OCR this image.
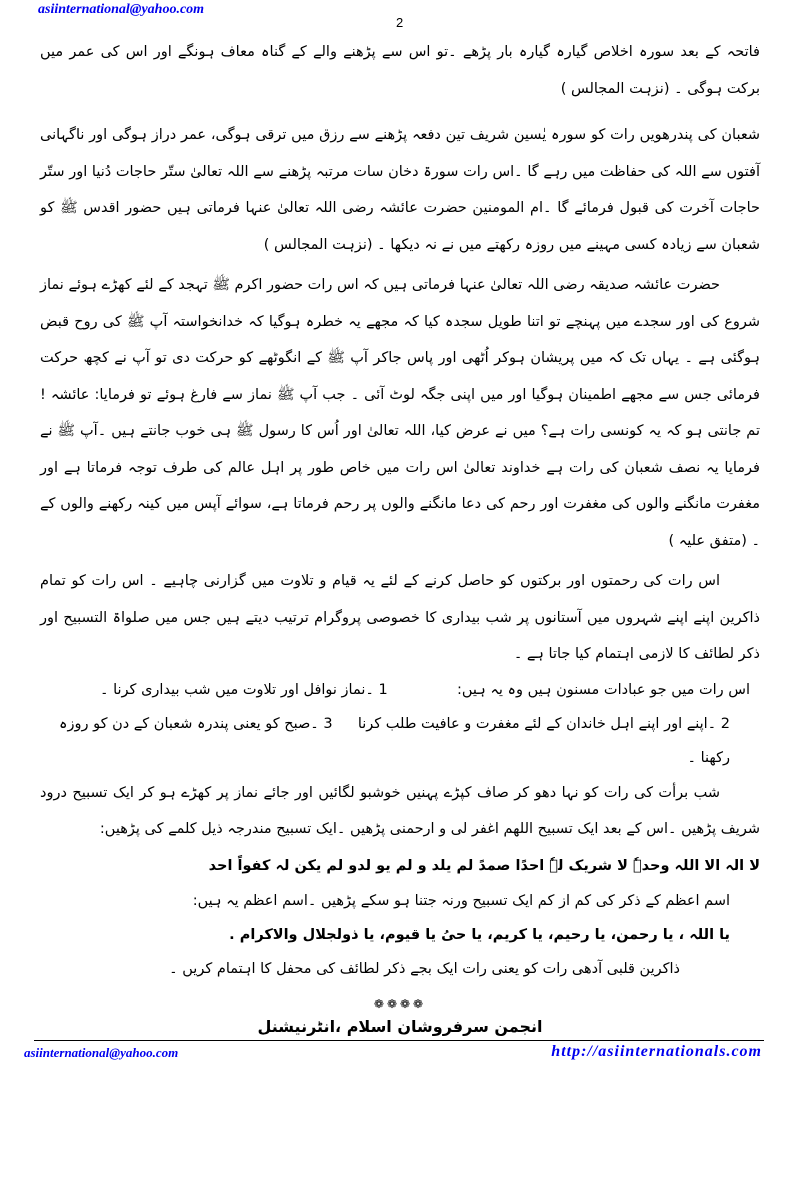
asiinternational@yahoo.com
2
فاتحہ کے بعد سورہ اخلاص گیارہ گیارہ بار پڑھے ۔تو اس سے پڑھنے والے کے گناہ معاف ہونگے اور اس کی عمر میں برکت ہوگی ۔ (نزہت المجالس )
شعبان کی پندرھویں رات کو سورہ یٰسین شریف تین دفعہ پڑھنے سے رزق میں ترقی ہوگی، عمر دراز ہوگی اور ناگہانی آفتوں سے اللہ کی حفاظت میں رہے گا ۔اس رات سورۃ دخان سات مرتبہ پڑھنے سے اللہ تعالیٰ ستّر حاجات دُنیا اور ستّر حاجات آخرت کی قبول فرمائے گا ۔ام المومنین حضرت عائشہ رضی اللہ تعالیٰ عنہا فرماتی ہیں حضور اقدس ﷺ کو شعبان سے زیادہ کسی مہینے میں روزہ رکھتے میں نے نہ دیکھا ۔ (نزہت المجالس )
حضرت عائشہ صدیقہ رضی اللہ تعالیٰ عنہا فرماتی ہیں کہ اس رات حضور اکرم ﷺ تہجد کے لئے کھڑے ہوئے نماز شروع کی اور سجدے میں پہنچے تو اتنا طویل سجدہ کیا کہ مجھے یہ خطرہ ہوگیا کہ خدانخواستہ آپ ﷺ کی روح قبض ہوگئی ہے ۔ یہاں تک کہ میں پریشان ہوکر اُٹھی اور پاس جاکر آپ ﷺ کے انگوٹھے کو حرکت دی تو آپ نے کچھ حرکت فرمائی جس سے مجھے اطمینان ہوگیا اور میں اپنی جگہ لوٹ آئی ۔ جب آپ ﷺ نماز سے فارغ ہوئے تو فرمایا: عائشہ !تم جانتی ہو کہ یہ کونسی رات ہے؟ میں نے عرض کیا، اللہ تعالیٰ اور اُس کا رسول ﷺ ہی خوب جانتے ہیں ۔آپ ﷺ نے فرمایا یہ نصف شعبان کی رات ہے خداوند تعالیٰ اس رات میں خاص طور پر اہل عالم کی طرف توجہ فرماتا ہے اور مغفرت مانگنے والوں کی مغفرت اور رحم کی دعا مانگنے والوں پر رحم فرماتا ہے، سوائے آپس میں کینہ رکھنے والوں کے ۔ (متفق علیہ )
اس رات کی رحمتوں اور برکتوں کو حاصل کرنے کے لئے یہ قیام و تلاوت میں گزارنی چاہیے ۔ اس رات کو تمام ذاکرین اپنے اپنے شہروں میں آستانوں پر شب بیداری کا خصوصی پروگرام ترتیب دیتے ہیں جس میں صلواۃ التسبیح اور ذکر لطائف کا لازمی اہتمام کیا جاتا ہے ۔
اس رات میں جو عبادات مسنون ہیں وہ یہ ہیں:  1 ۔نماز نوافل اور تلاوت میں شب بیداری کرنا ۔
2 ۔اپنے اور اپنے اہل خاندان کے لئے مغفرت و عافیت طلب کرنا  3 ۔صبح کو یعنی پندرہ شعبان کے دن کو روزہ رکھنا ۔
شب برأت کی رات کو نہا دھو کر صاف کپڑے پہنیں خوشبو لگائیں اور جائے نماز پر کھڑے ہو کر ایک تسبیح درود شریف پڑھیں ۔اس کے بعد ایک تسبیح اللھم اغفر لی و ارحمنی پڑھیں ۔ایک تسبیح مندرجہ ذیل کلمے کی پڑھیں:
لا الہ الا اللہ وحدہٗ لا شریک لہٗ احدًا صمدً لم یلد و لم یو لدو لم یکن لہ کفواً احد
اسم اعظم کے ذکر کی کم از کم ایک تسبیح ورنہ جتنا ہو سکے پڑھیں ۔اسم اعظم یہ ہیں:
یا اللہ ، یا رحمن، یا رحیم، یا کریم، یا حیُ یا قیوم، یا ذولجلال والاکرام .
ذاکرین قلبی آدھی رات کو یعنی رات ایک بجے ذکر لطائف کی محفل کا اہتمام کریں ۔
❁❁❁❁
انجمن سرفروشان اسلام ،انٹرنیشنل
asiinternational@yahoo.com	http://asiinternationals.com
